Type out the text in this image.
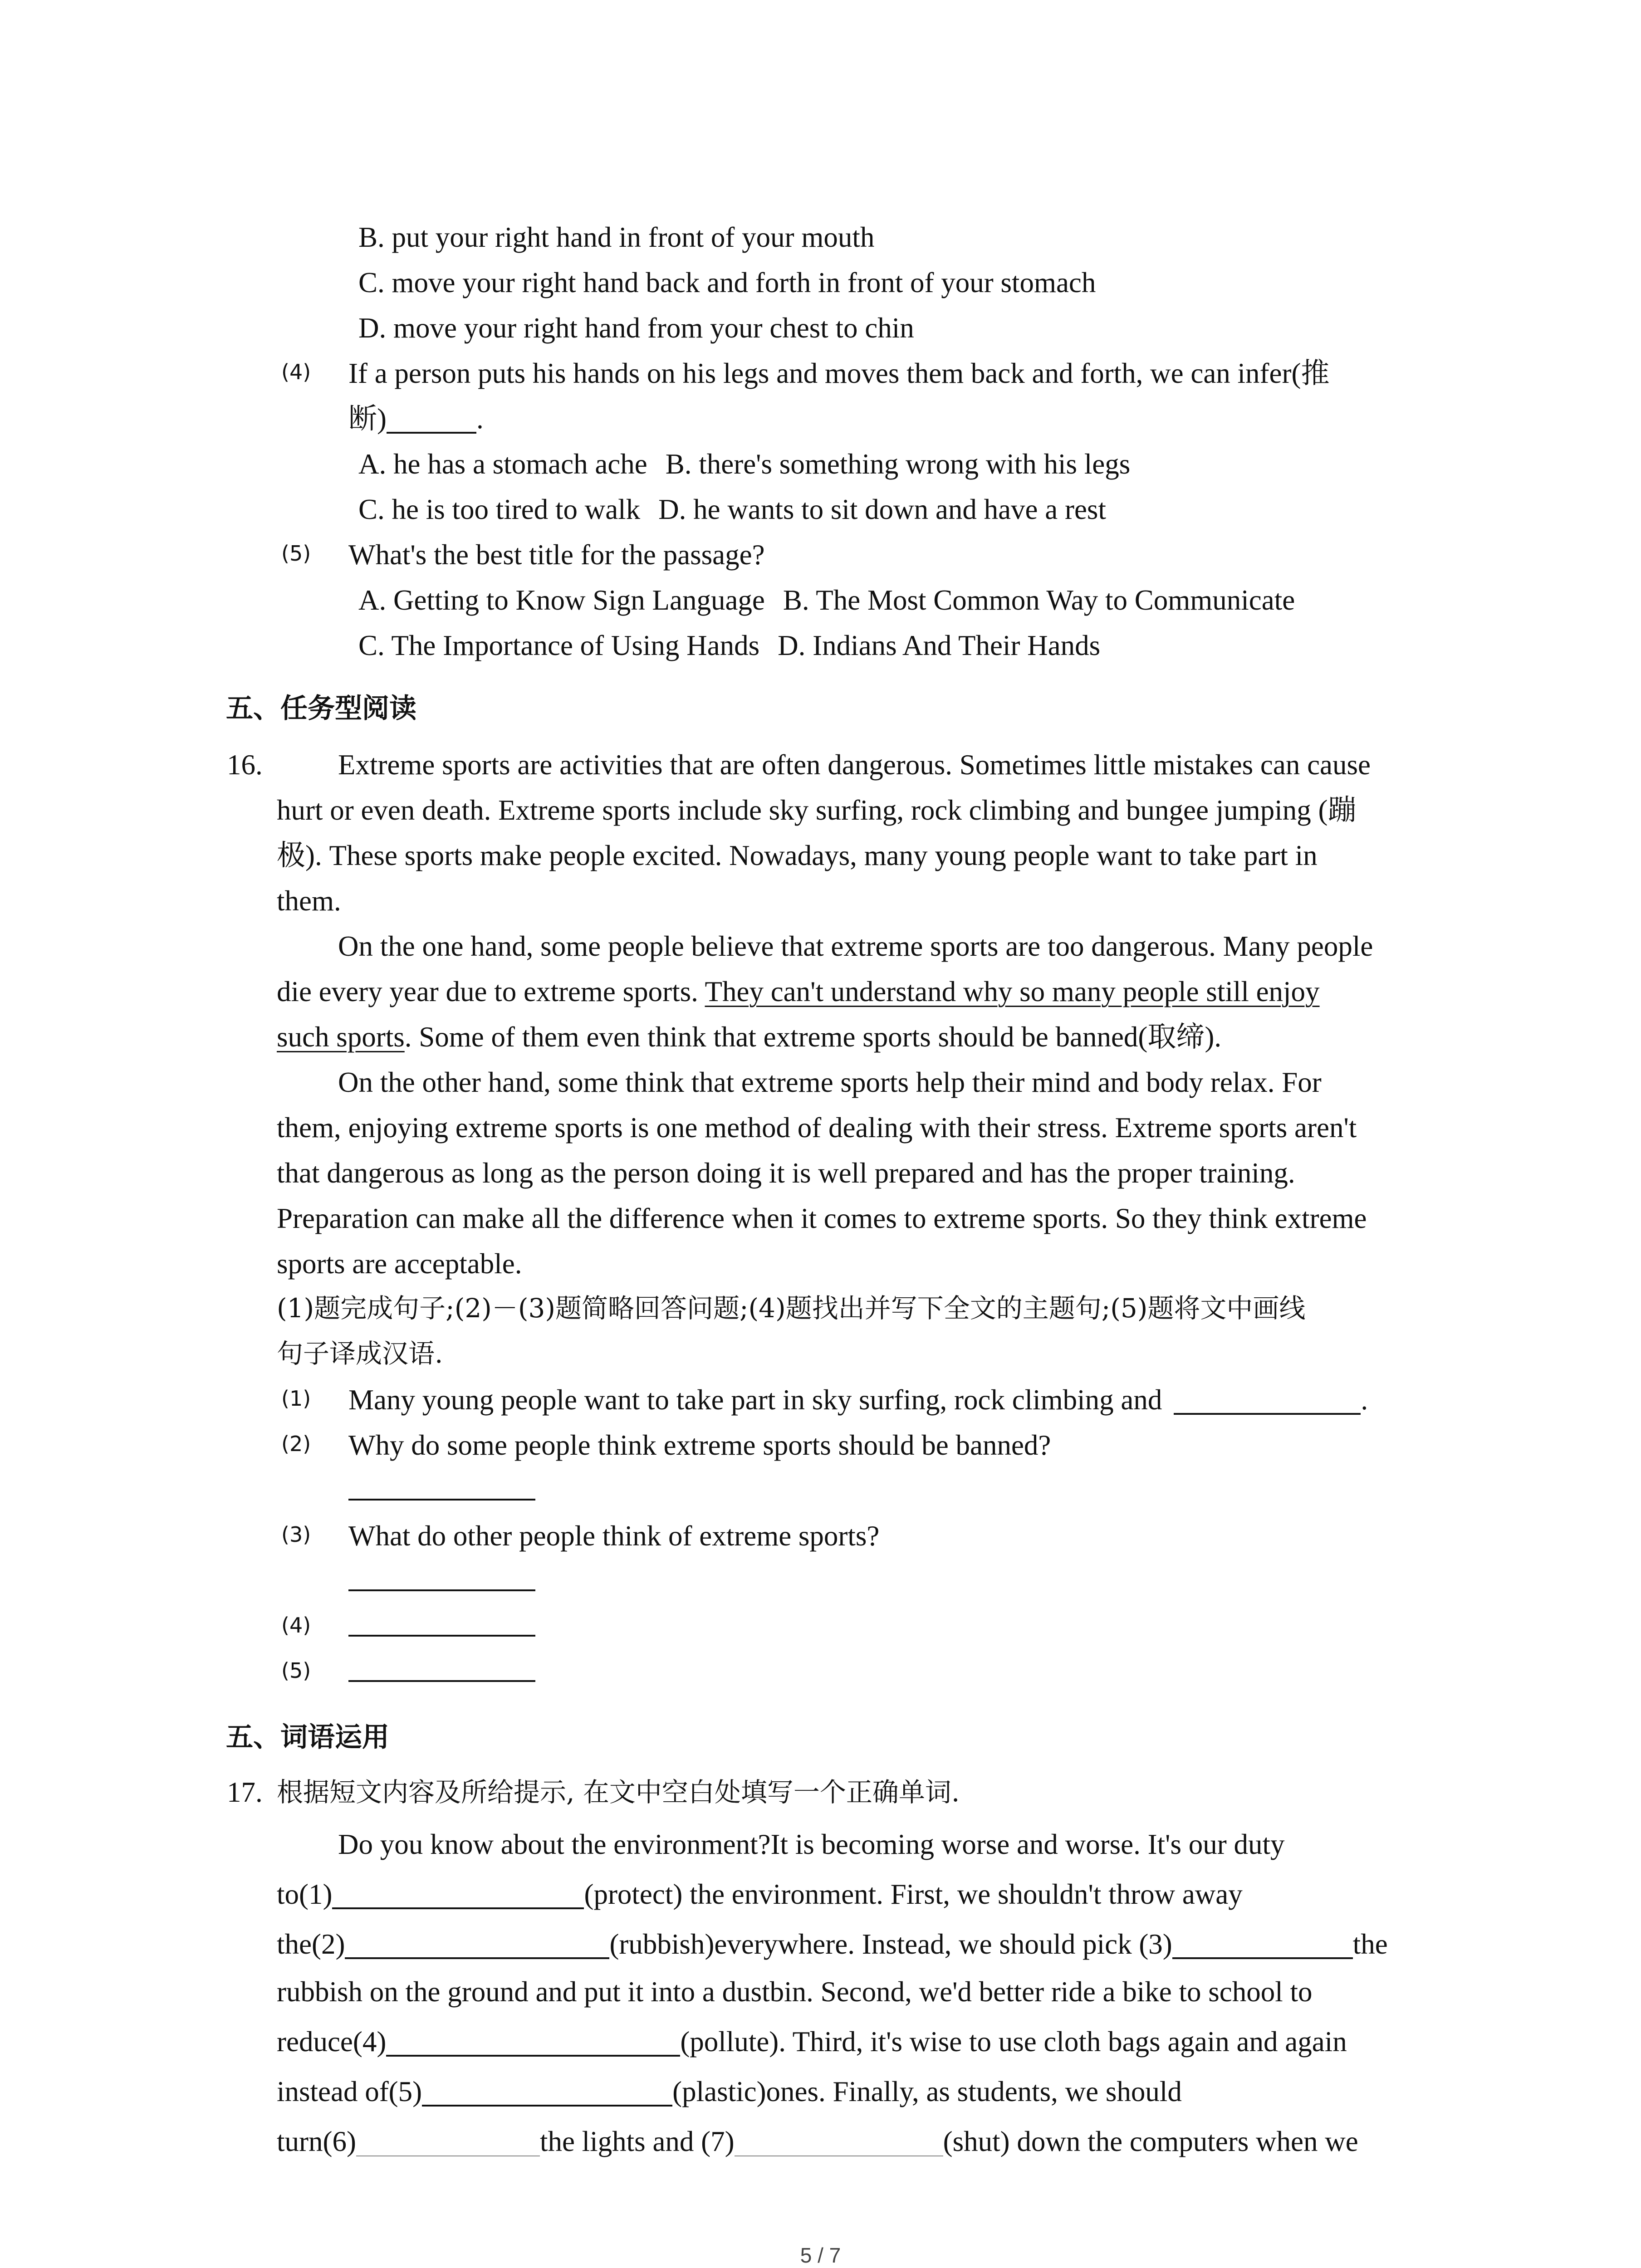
B. put your right hand in front of your mouth
C. move your right hand back and forth in front of your stomach
D. move your right hand from your chest to chin
(4) If a person puts his hands on his legs and moves them back and forth, we can infer(推
断)	.
A. he has a stomach ache B. there's something wrong with his legs
C. he is too tired to walk D. he wants to sit down and have a rest
(5) What's the best title for the passage?
A. Getting to Know Sign Language B. The Most Common Way to Communicate
C. The Importance of Using Hands D. Indians And Their Hands
五、任务型阅读
16.	Extreme sports are activities that are often dangerous. Sometimes little mistakes can cause
hurt or even death. Extreme sports include sky surfing, rock climbing and bungee jumping (蹦
极). These sports make people excited. Nowadays, many young people want to take part in
them.
On the one hand, some people believe that extreme sports are too dangerous. Many people
die every year due to extreme sports. They can't understand why so many people still enjoy
such sports. Some of them even think that extreme sports should be banned(取缔).
On the other hand, some think that extreme sports help their mind and body relax. For
them, enjoying extreme sports is one method of dealing with their stress. Extreme sports aren't
that dangerous as long as the person doing it is well prepared and has the proper training.
Preparation can make all the difference when it comes to extreme sports. So they think extreme
sports are acceptable.
(1)题完成句子;(2)－(3)题简略回答问题;(4)题找出并写下全文的主题句;(5)题将文中画线
句子译成汉语.
(1) Many young people want to take part in sky surfing, rock climbing and	.
(2) Why do some people think extreme sports should be banned?
(3) What do other people think of extreme sports?
(4)
(5)
五、词语运用
17. 根据短文内容及所给提示, 在文中空白处填写一个正确单词.
Do you know about the environment?It is becoming worse and worse. It's our duty
to(1)	(protect) the environment. First, we shouldn't throw away
the(2)	(rubbish)everywhere. Instead, we should pick (3)	the
rubbish on the ground and put it into a dustbin. Second, we'd better ride a bike to school to
reduce(4)	(pollute). Third, it's wise to use cloth bags again and again
instead of(5)	(plastic)ones. Finally, as students, we should
turn(6)	the lights and (7)	(shut) down the computers when we
5 / 7
